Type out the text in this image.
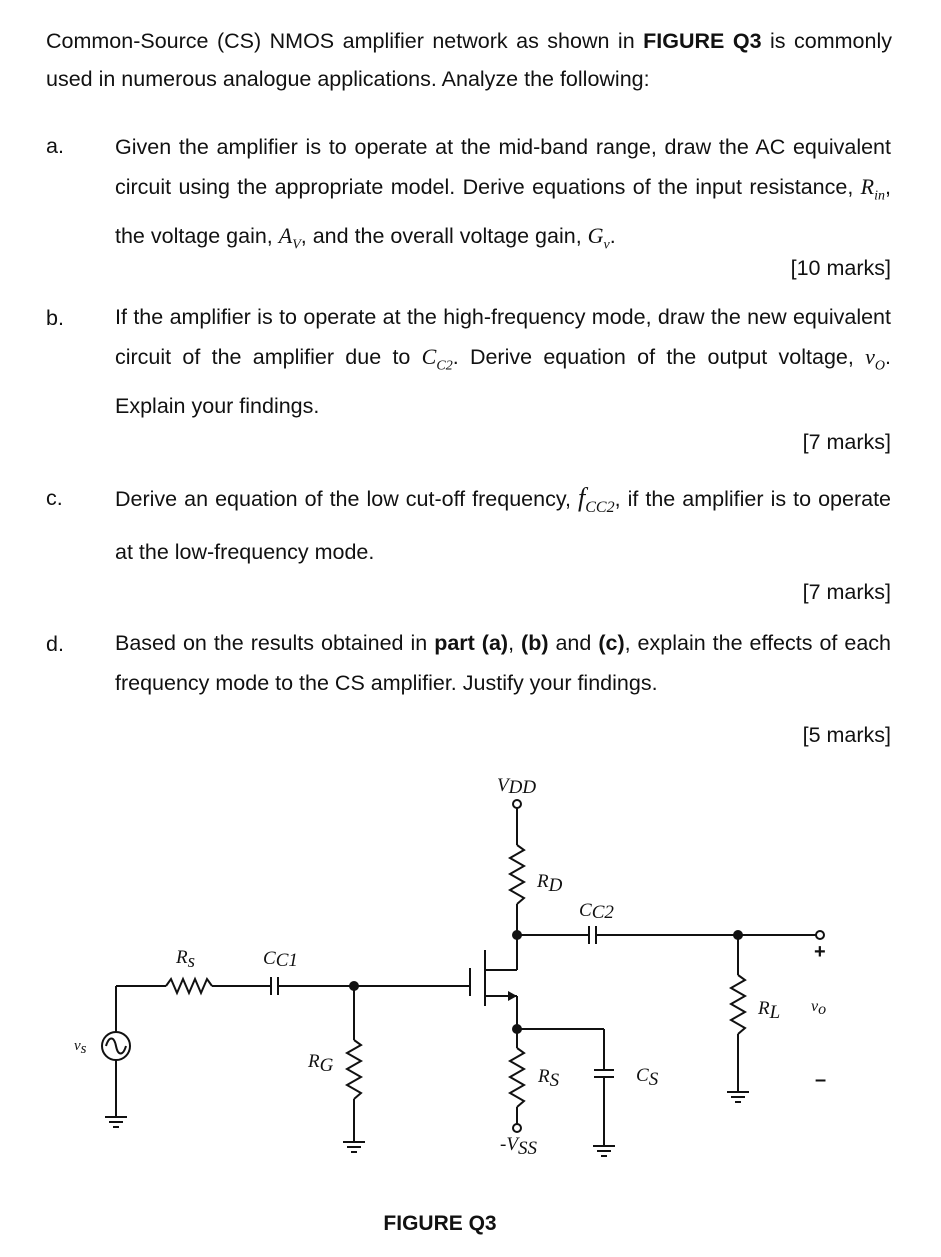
Common-Source (CS) NMOS amplifier network as shown in FIGURE Q3 is commonly used in numerous analogue applications. Analyze the following:
a. Given the amplifier is to operate at the mid-band range, draw the AC equivalent circuit using the appropriate model. Derive equations of the input resistance, $R_{in}$, the voltage gain, $A_V$, and the overall voltage gain, $G_v$.
[10 marks]
b. If the amplifier is to operate at the high-frequency mode, draw the new equivalent circuit of the amplifier due to $C_{C2}$. Derive equation of the output voltage, $v_O$. Explain your findings.
[7 marks]
c. Derive an equation of the low cut-off frequency, $f_{CC2}$, if the amplifier is to operate at the low-frequency mode.
[7 marks]
d. Based on the results obtained in part (a), (b) and (c), explain the effects of each frequency mode to the CS amplifier. Justify your findings.
[5 marks]
VDD
RD
CC2
Rs	CC1
vs
RG
RS	CS
RL vo
-VSS
+
–
FIGURE Q3
